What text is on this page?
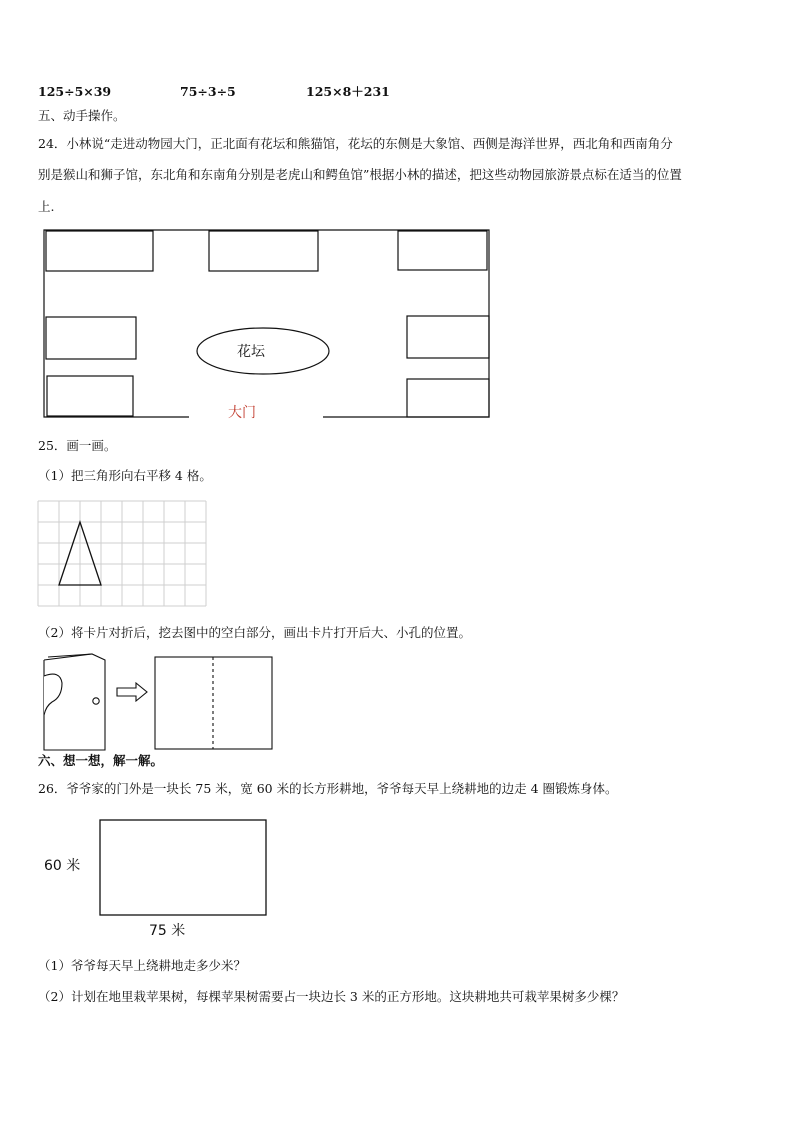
125÷5×39	75÷3÷5	125×8＋231
五、动手操作。
24．小林说“走进动物园大门，正北面有花坛和熊猫馆，花坛的东侧是大象馆、西侧是海洋世界，西北角和西南角分
别是猴山和狮子馆，东北角和东南角分别是老虎山和鳄鱼馆”根据小林的描述，把这些动物园旅游景点标在适当的位置
上.
花坛
大门
25．画一画。
（1）把三角形向右平移 4 格。
（2）将卡片对折后，挖去图中的空白部分，画出卡片打开后大、小孔的位置。
六、想一想，解一解。
26．爷爷家的门外是一块长 75 米，宽 60 米的长方形耕地，爷爷每天早上绕耕地的边走 4 圈锻炼身体。
60 米
75 米
（1）爷爷每天早上绕耕地走多少米？
（2）计划在地里栽苹果树，每棵苹果树需要占一块边长 3 米的正方形地。这块耕地共可栽苹果树多少棵？
